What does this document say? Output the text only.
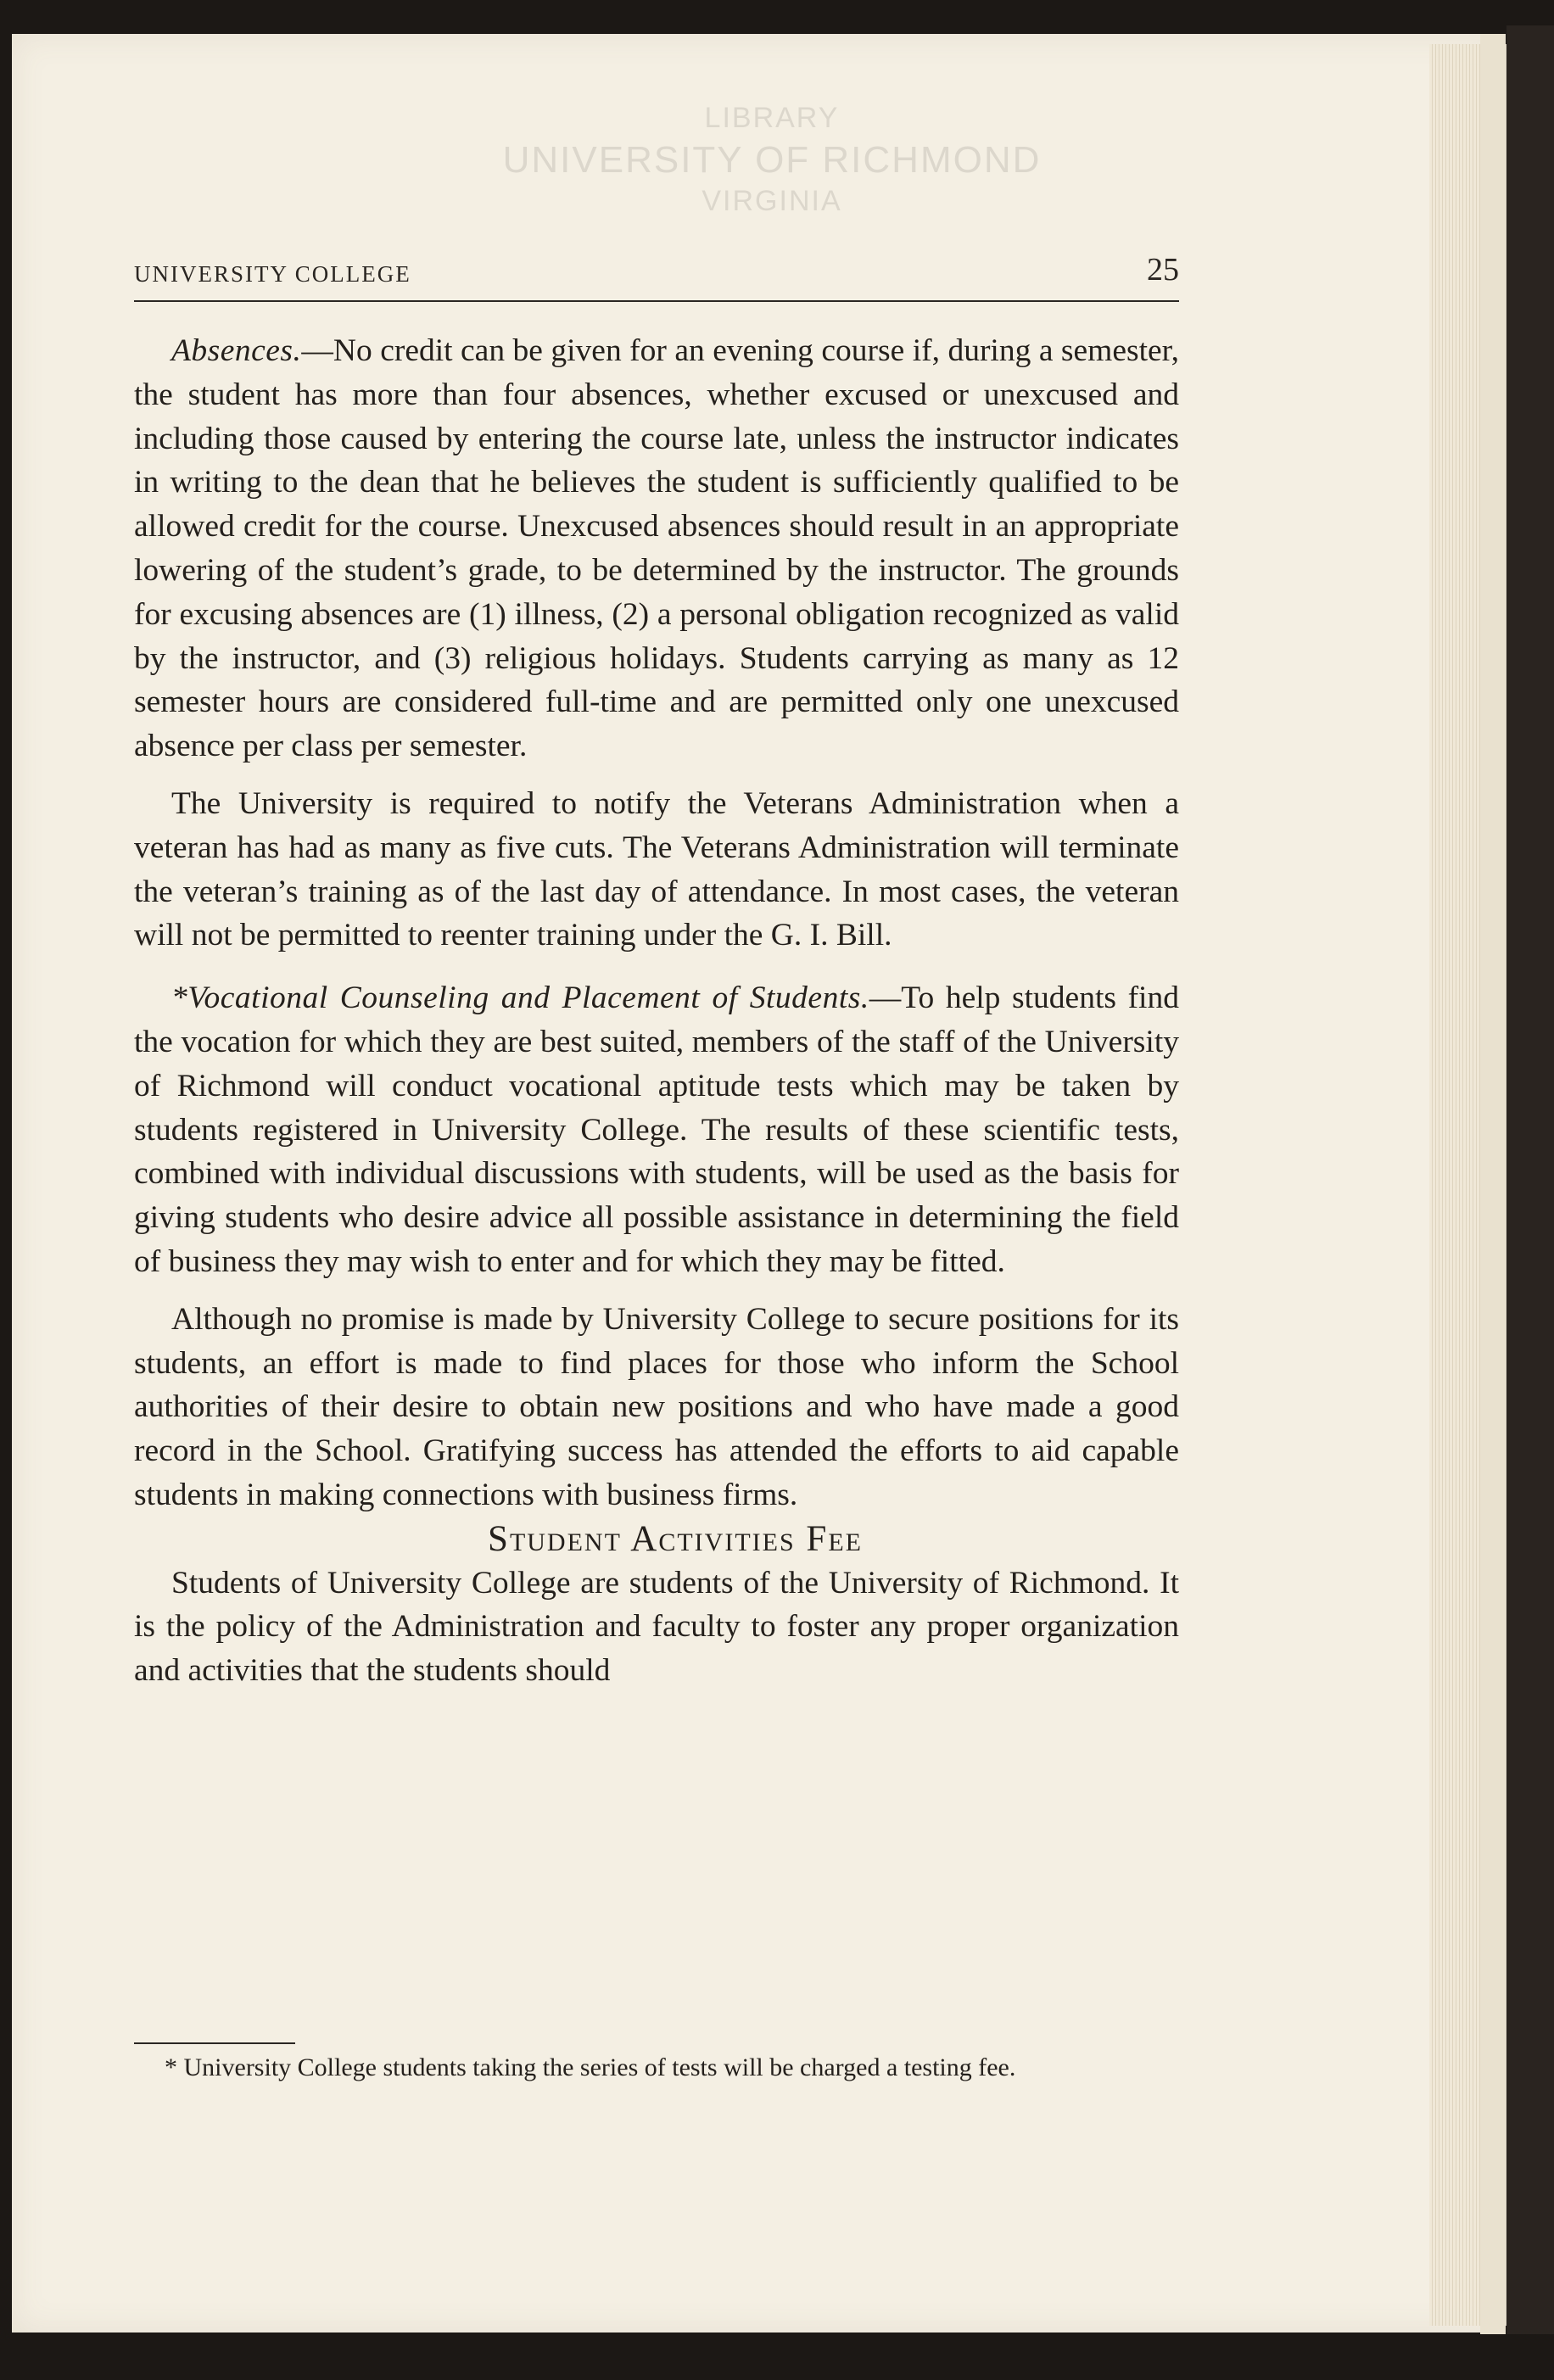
LIBRARY
UNIVERSITY OF RICHMOND
VIRGINIA
UNIVERSITY COLLEGE	25

Absences.—No credit can be given for an evening course if, during a semester, the student has more than four absences, whether excused or unexcused and including those caused by entering the course late, unless the instructor indicates in writing to the dean that he believes the student is sufficiently qualified to be allowed credit for the course. Unexcused absences should result in an appropriate lowering of the student’s grade, to be determined by the instructor. The grounds for excusing absences are (1) illness, (2) a personal obligation recognized as valid by the instructor, and (3) religious holidays. Students carrying as many as 12 semester hours are considered full-time and are permitted only one unexcused absence per class per semester.

The University is required to notify the Veterans Administration when a veteran has had as many as five cuts. The Veterans Administration will terminate the veteran’s training as of the last day of attendance. In most cases, the veteran will not be permitted to reenter training under the G. I. Bill.

*Vocational Counseling and Placement of Students.—To help students find the vocation for which they are best suited, members of the staff of the University of Richmond will conduct vocational aptitude tests which may be taken by students registered in University College. The results of these scientific tests, combined with individual discussions with students, will be used as the basis for giving students who desire advice all possible assistance in determining the field of business they may wish to enter and for which they may be fitted.

Although no promise is made by University College to secure positions for its students, an effort is made to find places for those who inform the School authorities of their desire to obtain new positions and who have made a good record in the School. Gratifying success has attended the efforts to aid capable students in making connections with business firms.

Student Activities Fee

Students of University College are students of the University of Richmond. It is the policy of the Administration and faculty to foster any proper organization and activities that the students should

* University College students taking the series of tests will be charged a testing fee.
